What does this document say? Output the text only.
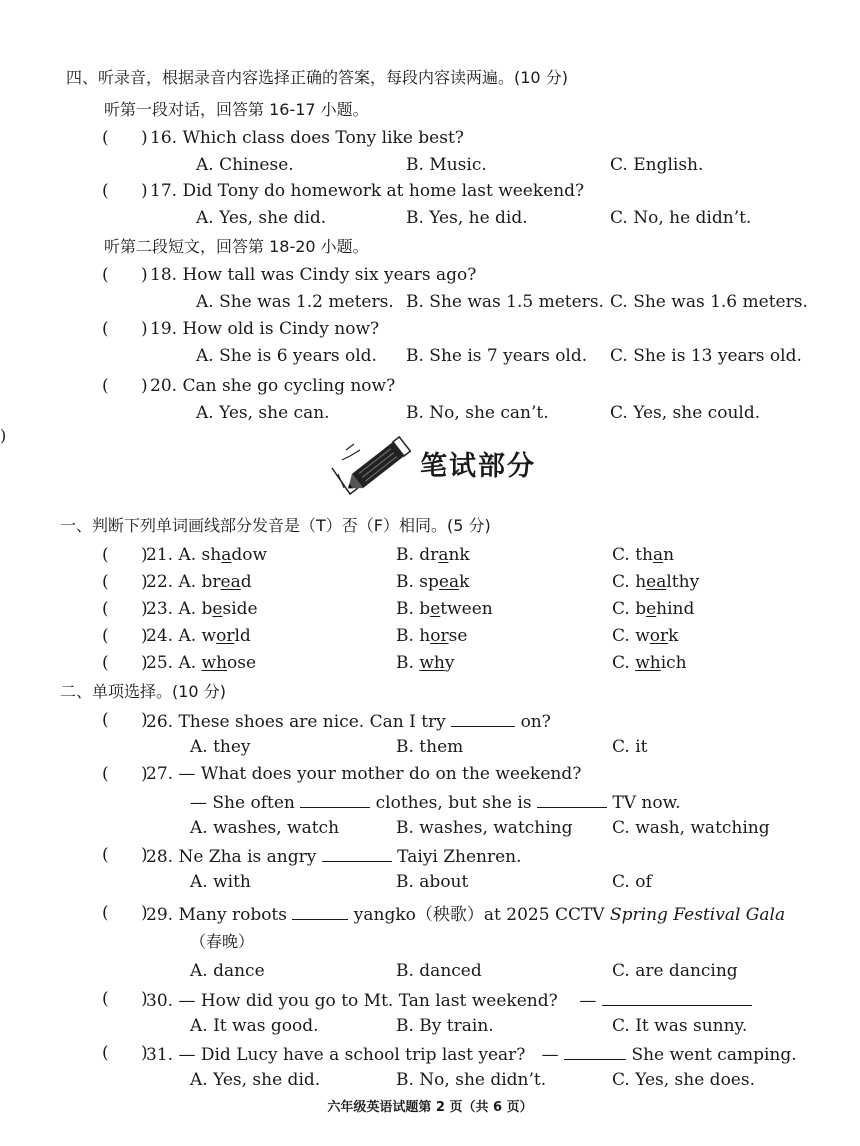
四、听录音，根据录音内容选择正确的答案，每段内容读两遍。(10 分)
听第一段对话，回答第 16-17 小题。
(      ) 16. Which class does Tony like best?
A. Chinese.	B. Music.	C. English.
(      ) 17. Did Tony do homework at home last weekend?
A. Yes, she did.	B. Yes, he did.	C. No, he didn’t.
听第二段短文，回答第 18-20 小题。
(      ) 18. How tall was Cindy six years ago?
A. She was 1.2 meters. B. She was 1.5 meters. C. She was 1.6 meters.
(      ) 19. How old is Cindy now?
A. She is 6 years old. B. She is 7 years old. C. She is 13 years old.
(      ) 20. Can she go cycling now?
A. Yes, she can.	B. No, she can’t.	C. Yes, she could.
)
笔试部分
一、判断下列单词画线部分发音是（T）否（F）相同。(5 分)
(      )
21. A. shadow	B. drank	C. than
(      )
22. A. bread	B. speak	C. healthy
(      )
23. A. beside	B. between	C. behind
(      )
24. A. world	B. horse	C. work
(      )
25. A. whose	B. why	C. which
二、单项选择。(10 分)
(      )
26. These shoes are nice. Can I try	on?
A. they	B. them	C. it
(      )
27. — What does your mother do on the weekend?
— She often	clothes, but she is	TV now.
A. washes, watch	B. washes, watching C. wash, watching
(      )
28. Ne Zha is angry	Taiyi Zhenren.
A. with	B. about	C. of
(      )
29. Many robots	yangko（秧歌）at 2025 CCTV Spring Festival Gala
（春晚）
A. dance	B. danced	C. are dancing
(      )
30. — How did you go to Mt. Tan last weekend?    —
A. It was good.	B. By train.	C. It was sunny.
(      )
31. — Did Lucy have a school trip last year?   —	She went camping.
A. Yes, she did.	B. No, she didn’t.	C. Yes, she does.
六年级英语试题第 2 页（共 6 页）
